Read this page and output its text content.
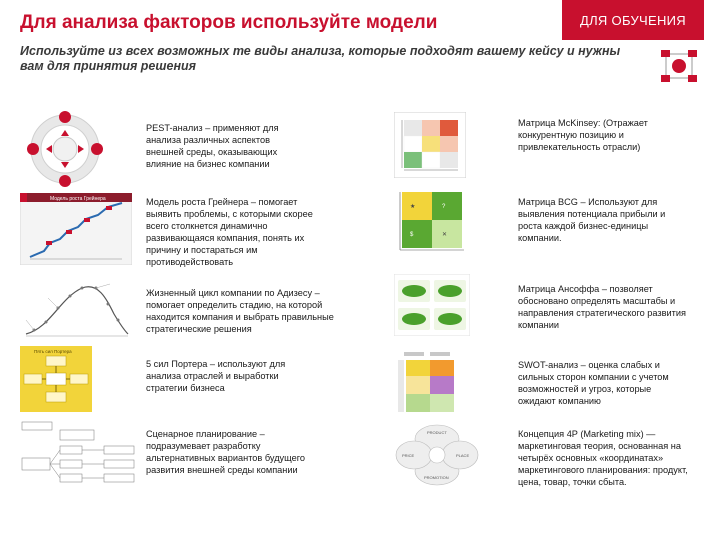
Для анализа факторов используйте модели	ДЛЯ ОБУЧЕНИЯ
Используйте из всех возможных те виды анализа, которые подходят вашему кейсу и нужны вам для принятия решения
Модель роста Грейнера
Пять сил Портера
PEST-анализ – применяют для анализа различных аспектов внешней среды, оказывающих влияние на бизнес компании
Модель роста Грейнера – помогает выявить проблемы, с которыми скорее всего столкнется динамично развивающаяся компания, понять их причину и постараться им противодействовать
Жизненный цикл компании по Адизесу – помогает определить стадию, на которой находится компания и выбрать правильные стратегические решения
5 сил Портера – используют для анализа отраслей и выработки стратегии бизнеса
Сценарное планирование – подразумевает разработку альтернативных вариантов будущего развития внешней среды компании
★	?
$	✕
PRODUCT
PRICE	PLACE
PROMOTION
Матрица McKinsey: (Отражает конкурентную позицию и привлекательность отрасли)
Матрица BCG – Используют для выявления потенциала прибыли и роста каждой бизнес-единицы компании.
Матрица Ансоффа – позволяет обосновано определять масштабы и направления стратегического развития компании
SWOT-анализ – оценка слабых и сильных сторон компании с учетом возможностей и угроз, которые ожидают компанию
Концепция 4P (Marketing mix) — маркетинговая теория, основанная на четырёх основных «координатах» маркетингового планирования: продукт, цена, товар, точки сбыта.
